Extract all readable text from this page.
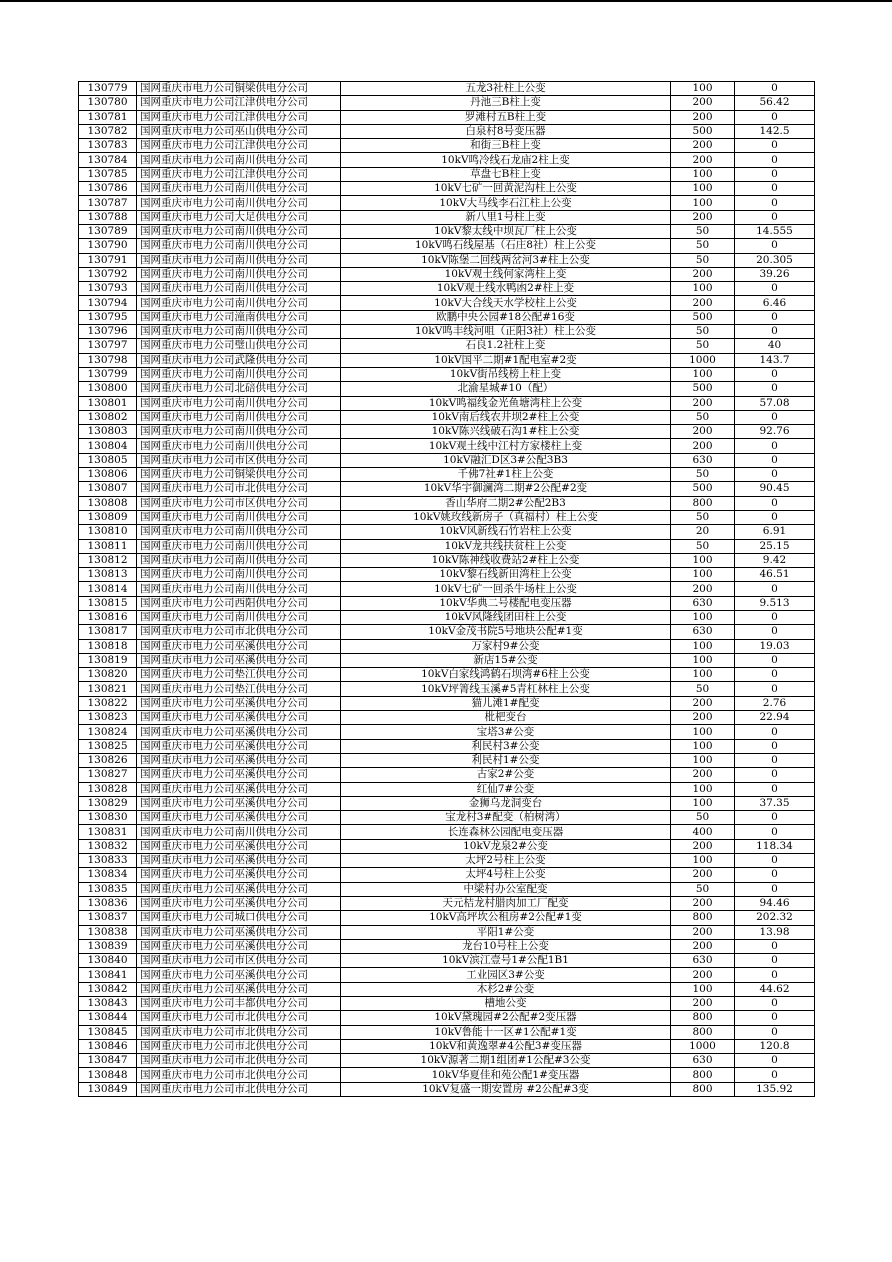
130779	国网重庆市电力公司铜梁供电分公司	五龙3社柱上公变	100	0
130780	国网重庆市电力公司江津供电分公司	丹池三B柱上变	200	56.42
130781	国网重庆市电力公司江津供电分公司	罗滩村五B柱上变	200	0
130782	国网重庆市电力公司巫山供电分公司	白泉村8号变压器	500	142.5
130783	国网重庆市电力公司江津供电分公司	和街三B柱上变	200	0
130784	国网重庆市电力公司南川供电分公司	10kV鸣冷线石龙庙2柱上变	200	0
130785	国网重庆市电力公司江津供电分公司	草盘七B柱上变	100	0
130786	国网重庆市电力公司南川供电分公司	10kV七矿一回黄泥沟柱上公变	100	0
130787	国网重庆市电力公司南川供电分公司	10kV大马线李石江柱上公变	100	0
130788	国网重庆市电力公司大足供电分公司	新八里1号柱上变	200	0
130789	国网重庆市电力公司南川供电分公司	10kV黎太线中坝瓦厂柱上公变	50	14.555
130790	国网重庆市电力公司南川供电分公司	10kV鸣石线屋基（石庄8社）柱上公变	50	0
130791	国网重庆市电力公司南川供电分公司	10kV陈堡二回线两岔河3#柱上公变	50	20.305
130792	国网重庆市电力公司南川供电分公司	10kV观土线何家湾柱上变	200	39.26
130793	国网重庆市电力公司南川供电分公司	10kV观土线水鸭凼2#柱上变	100	0
130794	国网重庆市电力公司南川供电分公司	10kV大合线天水学校柱上公变	200	6.46
130795	国网重庆市电力公司潼南供电分公司	欧鹏中央公园#18公配#16变	500	0
130796	国网重庆市电力公司南川供电分公司	10kV鸣丰线河咀（正阳3社）柱上公变	50	0
130797	国网重庆市电力公司璧山供电分公司	石良1.2社柱上变	50	40
130798	国网重庆市电力公司武隆供电分公司	10kV国平二期#1配电室#2变	1000	143.7
130799	国网重庆市电力公司南川供电分公司	10kV街吊线榜上柱上变	100	0
130800	国网重庆市电力公司北碚供电分公司	北渝星城#10（配）	500	0
130801	国网重庆市电力公司南川供电分公司	10kV鸣福线金光鱼塘湾柱上公变	200	57.08
130802	国网重庆市电力公司南川供电分公司	10kV南后线农井坝2#柱上公变	50	0
130803	国网重庆市电力公司南川供电分公司	10kV陈兴线破石沟1#柱上公变	200	92.76
130804	国网重庆市电力公司南川供电分公司	10kV观土线中江村方家楼柱上变	200	0
130805	国网重庆市电力公司市区供电分公司	10kV融汇D区3#公配3B3	630	0
130806	国网重庆市电力公司铜梁供电分公司	千佛7社#1柱上公变	50	0
130807	国网重庆市电力公司市北供电分公司	10kV华宇御澜湾二期#2公配#2变	500	90.45
130808	国网重庆市电力公司市区供电分公司	香山华府二期2#公配2B3	800	0
130809	国网重庆市电力公司南川供电分公司	10kV姚玫线新房子（真福村）柱上公变	50	0
130810	国网重庆市电力公司南川供电分公司	10kV风新线石竹岩柱上公变	20	6.91
130811	国网重庆市电力公司南川供电分公司	10kV龙共线扶贫柱上公变	50	25.15
130812	国网重庆市电力公司南川供电分公司	10kV陈神线收费站2#柱上公变	100	9.42
130813	国网重庆市电力公司南川供电分公司	10kV黎石线新田湾柱上公变	100	46.51
130814	国网重庆市电力公司南川供电分公司	10kV七矿一回杀牛场柱上公变	200	0
130815	国网重庆市电力公司西阳供电分公司	10kV华典二号楼配电变压器	630	9.513
130816	国网重庆市电力公司南川供电分公司	10kV风隆线团田柱上公变	100	0
130817	国网重庆市电力公司市北供电分公司	10kV金茂书院5号地块公配#1变	630	0
130818	国网重庆市电力公司巫溪供电分公司	万家村9#公变	100	19.03
130819	国网重庆市电力公司巫溪供电分公司	新店15#公变	100	0
130820	国网重庆市电力公司垫江供电分公司	10kV白家线鸿鹤石坝湾#6柱上公变	100	0
130821	国网重庆市电力公司垫江供电分公司	10kV坪箐线玉溪#5青杠林柱上公变	50	0
130822	国网重庆市电力公司巫溪供电分公司	猫儿滩1#配变	200	2.76
130823	国网重庆市电力公司巫溪供电分公司	枇杷变台	200	22.94
130824	国网重庆市电力公司巫溪供电分公司	宝塔3#公变	100	0
130825	国网重庆市电力公司巫溪供电分公司	利民村3#公变	100	0
130826	国网重庆市电力公司巫溪供电分公司	利民村1#公变	100	0
130827	国网重庆市电力公司巫溪供电分公司	古家2#公变	200	0
130828	国网重庆市电力公司巫溪供电分公司	红仙7#公变	100	0
130829	国网重庆市电力公司巫溪供电分公司	金狮乌龙洞变台	100	37.35
130830	国网重庆市电力公司巫溪供电分公司	宝龙村3#配变（柏树湾）	50	0
130831	国网重庆市电力公司南川供电分公司	长连森林公园配电变压器	400	0
130832	国网重庆市电力公司巫溪供电分公司	10kV龙泉2#公变	200	118.34
130833	国网重庆市电力公司巫溪供电分公司	太坪2号柱上公变	100	0
130834	国网重庆市电力公司巫溪供电分公司	太坪4号柱上公变	200	0
130835	国网重庆市电力公司巫溪供电分公司	中梁村办公室配变	50	0
130836	国网重庆市电力公司巫溪供电分公司	天元桔龙村腊肉加工厂配变	200	94.46
130837	国网重庆市电力公司城口供电分公司	10kV高坪坎公租房#2公配#1变	800	202.32
130838	国网重庆市电力公司巫溪供电分公司	平阳1#公变	200	13.98
130839	国网重庆市电力公司巫溪供电分公司	龙台10号柱上公变	200	0
130840	国网重庆市电力公司市区供电分公司	10kV滨江壹号1#公配1B1	630	0
130841	国网重庆市电力公司巫溪供电分公司	工业园区3#公变	200	0
130842	国网重庆市电力公司巫溪供电分公司	木杉2#公变	100	44.62
130843	国网重庆市电力公司丰都供电分公司	槽地公变	200	0
130844	国网重庆市电力公司市北供电分公司	10kV黛瑰园#2公配#2变压器	800	0
130845	国网重庆市电力公司市北供电分公司	10kV鲁能十一区#1公配#1变	800	0
130846	国网重庆市电力公司市北供电分公司	10kV和黄逸翠#4公配3#变压器	1000	120.8
130847	国网重庆市电力公司市北供电分公司	10kV源著二期1组团#1公配#3公变	630	0
130848	国网重庆市电力公司市北供电分公司	10kV华夏佳和苑公配1#变压器	800	0
130849	国网重庆市电力公司市北供电分公司	10kV复盛一期安置房 #2公配#3变	800	135.92
